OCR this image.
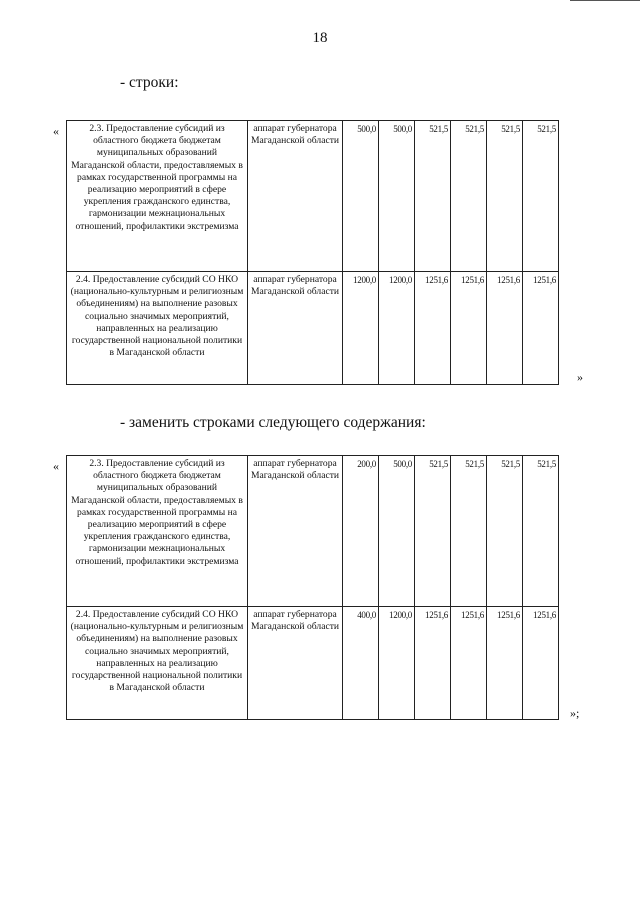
18
- строки:
«	2.3. Предоставление субсидий из областного бюджета бюджетам муниципальных образований Магаданской области, предоставляемых в рамках государственной программы на реализацию мероприятий в сфере укрепления гражданского единства, гармонизации межнациональных отношений, профилактики экстремизма	аппарат губернатора Магаданской области	500,0	500,0	521,5	521,5	521,5	521,5
2.4. Предоставление субсидий СО НКО (национально-культурным и религиозным объединениям) на выполнение разовых социально значимых мероприятий, направленных на реализацию государственной национальной политики в Магаданской области	аппарат губернатора Магаданской области	1200,0	1200,0	1251,6	1251,6	1251,6	1251,6
»
- заменить строками следующего содержания:
«	2.3. Предоставление субсидий из областного бюджета бюджетам муниципальных образований Магаданской области, предоставляемых в рамках государственной программы на реализацию мероприятий в сфере укрепления гражданского единства, гармонизации межнациональных отношений, профилактики экстремизма	аппарат губернатора Магаданской области	200,0	500,0	521,5	521,5	521,5	521,5
2.4. Предоставление субсидий СО НКО (национально-культурным и религиозным объединениям) на выполнение разовых социально значимых мероприятий, направленных на реализацию государственной национальной политики в Магаданской области	аппарат губернатора Магаданской области	400,0	1200,0	1251,6	1251,6	1251,6	1251,6
»;
